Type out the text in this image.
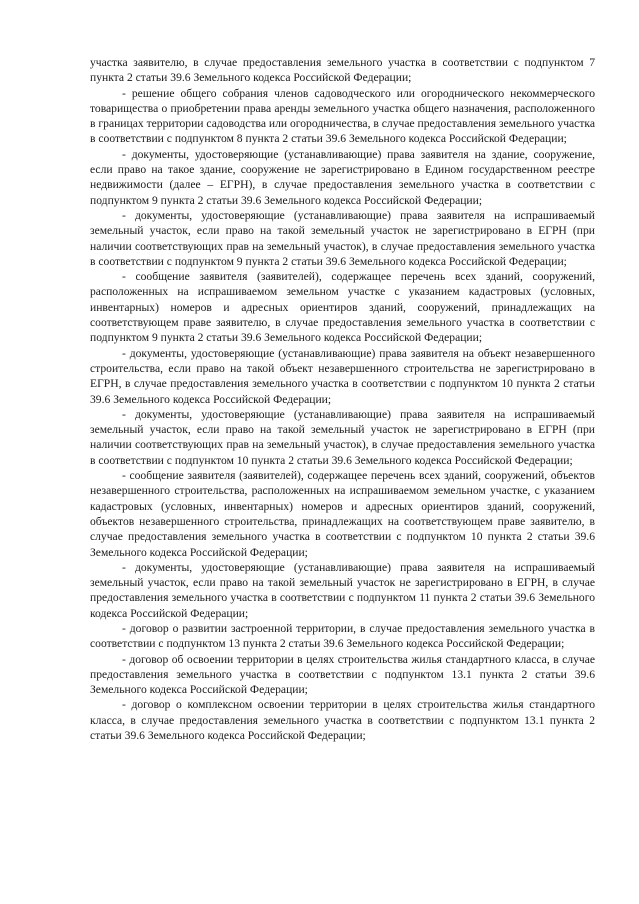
участка заявителю, в случае предоставления земельного участка в соответствии с подпунктом 7 пункта 2 статьи 39.6 Земельного кодекса Российской Федерации;

- решение общего собрания членов садоводческого или огороднического некоммерческого товарищества о приобретении права аренды земельного участка общего назначения, расположенного в границах территории садоводства или огородничества, в случае предоставления земельного участка в соответствии с подпунктом 8 пункта 2 статьи 39.6 Земельного кодекса Российской Федерации;

- документы, удостоверяющие (устанавливающие) права заявителя на здание, сооружение, если право на такое здание, сооружение не зарегистрировано в Едином государственном реестре недвижимости (далее – ЕГРН), в случае предоставления земельного участка в соответствии с подпунктом 9 пункта 2 статьи 39.6 Земельного кодекса Российской Федерации;

- документы, удостоверяющие (устанавливающие) права заявителя на испрашиваемый земельный участок, если право на такой земельный участок не зарегистрировано в ЕГРН (при наличии соответствующих прав на земельный участок), в случае предоставления земельного участка в соответствии с подпунктом 9 пункта 2 статьи 39.6 Земельного кодекса Российской Федерации;

- сообщение заявителя (заявителей), содержащее перечень всех зданий, сооружений, расположенных на испрашиваемом земельном участке с указанием кадастровых (условных, инвентарных) номеров и адресных ориентиров зданий, сооружений, принадлежащих на соответствующем праве заявителю, в случае предоставления земельного участка в соответствии с подпунктом 9 пункта 2 статьи 39.6 Земельного кодекса Российской Федерации;

- документы, удостоверяющие (устанавливающие) права заявителя на объект незавершенного строительства, если право на такой объект незавершенного строительства не зарегистрировано в ЕГРН, в случае предоставления земельного участка в соответствии с подпунктом 10 пункта 2 статьи 39.6 Земельного кодекса Российской Федерации;

- документы, удостоверяющие (устанавливающие) права заявителя на испрашиваемый земельный участок, если право на такой земельный участок не зарегистрировано в ЕГРН (при наличии соответствующих прав на земельный участок), в случае предоставления земельного участка в соответствии с подпунктом 10 пункта 2 статьи 39.6 Земельного кодекса Российской Федерации;

- сообщение заявителя (заявителей), содержащее перечень всех зданий, сооружений, объектов незавершенного строительства, расположенных на испрашиваемом земельном участке, с указанием кадастровых (условных, инвентарных) номеров и адресных ориентиров зданий, сооружений, объектов незавершенного строительства, принадлежащих на соответствующем праве заявителю, в случае предоставления земельного участка в соответствии с подпунктом 10 пункта 2 статьи 39.6 Земельного кодекса Российской Федерации;

- документы, удостоверяющие (устанавливающие) права заявителя на испрашиваемый земельный участок, если право на такой земельный участок не зарегистрировано в ЕГРН, в случае предоставления земельного участка в соответствии с подпунктом 11 пункта 2 статьи 39.6 Земельного кодекса Российской Федерации;

- договор о развитии застроенной территории, в случае предоставления земельного участка в соответствии с подпунктом 13 пункта 2 статьи 39.6 Земельного кодекса Российской Федерации;

- договор об освоении территории в целях строительства жилья стандартного класса, в случае предоставления земельного участка в соответствии с подпунктом 13.1 пункта 2 статьи 39.6 Земельного кодекса Российской Федерации;

- договор о комплексном освоении территории в целях строительства жилья стандартного класса, в случае предоставления земельного участка в соответствии с подпунктом 13.1 пункта 2 статьи 39.6 Земельного кодекса Российской Федерации;
